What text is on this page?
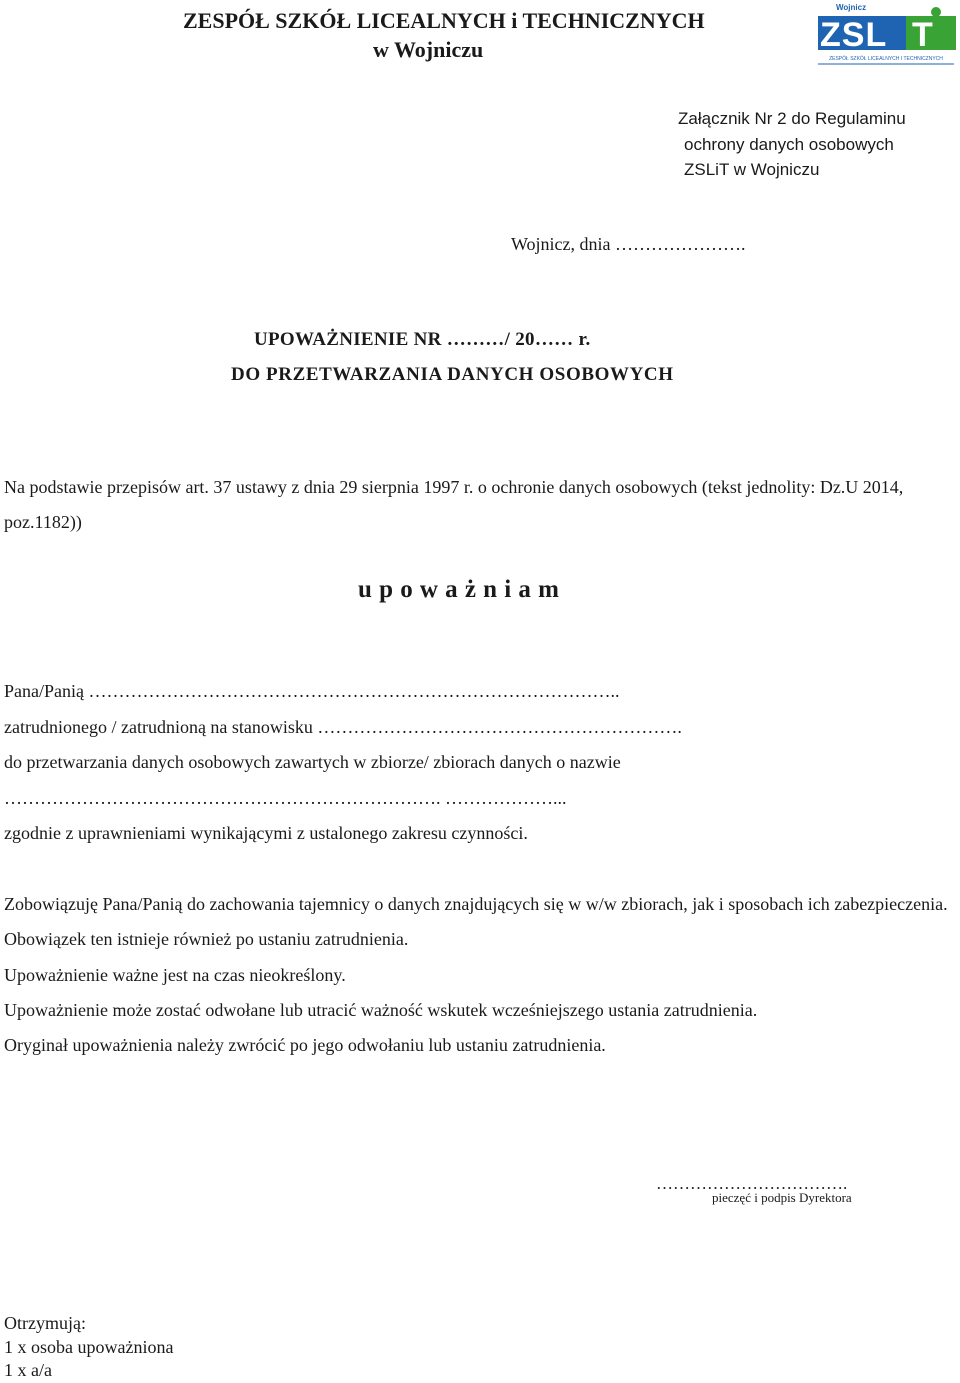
ZESPÓŁ SZKÓŁ LICEALNYCH i TECHNICZNYCH
w Wojniczu
Wojnicz
ZSL T
ZESPÓŁ SZKÓŁ LICEALNYCH I TECHNICZNYCH
Załącznik Nr 2 do Regulaminu
ochrony danych osobowych
ZSLiT w Wojniczu
Wojnicz, dnia ………………….
UPOWAŻNIENIE NR ………/ 20…… r.
DO PRZETWARZANIA DANYCH OSOBOWYCH
Na podstawie przepisów art. 37 ustawy z dnia 29 sierpnia 1997 r. o ochronie danych osobowych (tekst jednolity: Dz.U 2014, poz.1182))
upoważniam
Pana/Panią ……………………………………………………………………………..
zatrudnionego / zatrudnioną na stanowisku …………………………………………………….
do przetwarzania danych osobowych zawartych w zbiorze/ zbiorach danych o nazwie
………………………………………………………………. ………………...
zgodnie z uprawnieniami wynikającymi z ustalonego zakresu czynności.
Zobowiązuję Pana/Panią do zachowania tajemnicy o danych znajdujących się w w/w zbiorach, jak i sposobach ich zabezpieczenia. Obowiązek ten istnieje również po ustaniu zatrudnienia.
Upoważnienie ważne jest na czas nieokreślony.
Upoważnienie może zostać odwołane lub utracić ważność wskutek wcześniejszego ustania zatrudnienia.
Oryginał upoważnienia należy zwrócić po jego odwołaniu lub ustaniu zatrudnienia.
…………………………….
pieczęć i podpis Dyrektora
Otrzymują:
1 x osoba upoważniona
1 x a/a
